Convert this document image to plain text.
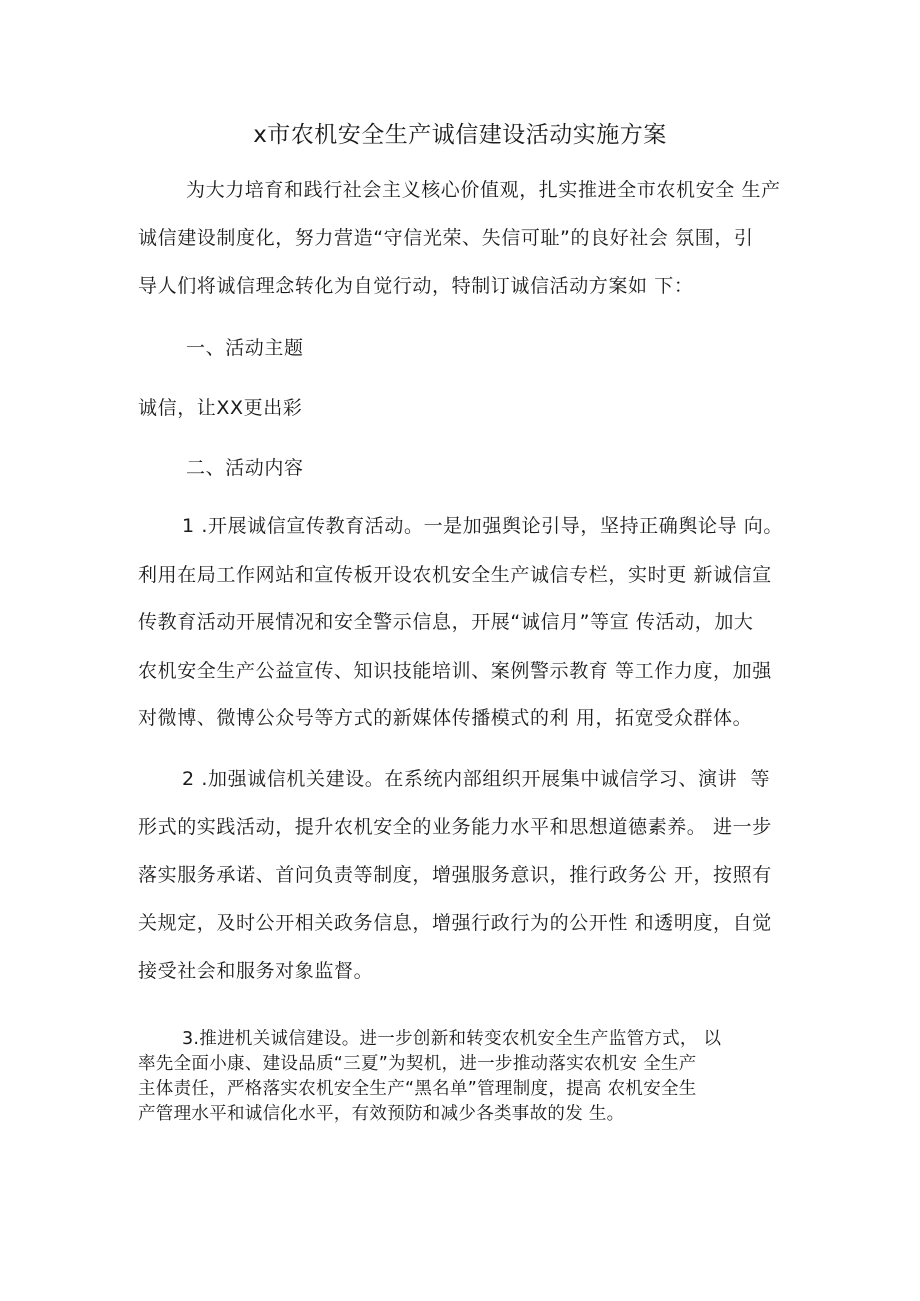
x市农机安全生产诚信建设活动实施方案
为大力培育和践行社会主义核心价值观，扎实推进全市农机安全 生产
诚信建设制度化，努力营造“守信光荣、失信可耻”的良好社会 氛围，引
导人们将诚信理念转化为自觉行动，特制订诚信活动方案如 下：
一、活动主题
诚信，让XX更出彩
二、活动内容
1 .开展诚信宣传教育活动。一是加强舆论引导，坚持正确舆论导 向。
利用在局工作网站和宣传板开设农机安全生产诚信专栏，实时更 新诚信宣
传教育活动开展情况和安全警示信息，开展“诚信月”等宣 传活动，加大
农机安全生产公益宣传、知识技能培训、案例警示教育 等工作力度，加强
对微博、微博公众号等方式的新媒体传播模式的利 用，拓宽受众群体。
2 .加强诚信机关建设。在系统内部组织开展集中诚信学习、演讲  等
形式的实践活动，提升农机安全的业务能力水平和思想道德素养。 进一步
落实服务承诺、首问负责等制度，增强服务意识，推行政务公 开，按照有
关规定，及时公开相关政务信息，增强行政行为的公开性 和透明度，自觉
接受社会和服务对象监督。
3.推进机关诚信建设。进一步创新和转变农机安全生产监管方式， 以
率先全面小康、建设品质“三夏”为契机，进一步推动落实农机安 全生产
主体责任，严格落实农机安全生产“黑名单”管理制度，提高 农机安全生
产管理水平和诚信化水平，有效预防和减少各类事故的发 生。
